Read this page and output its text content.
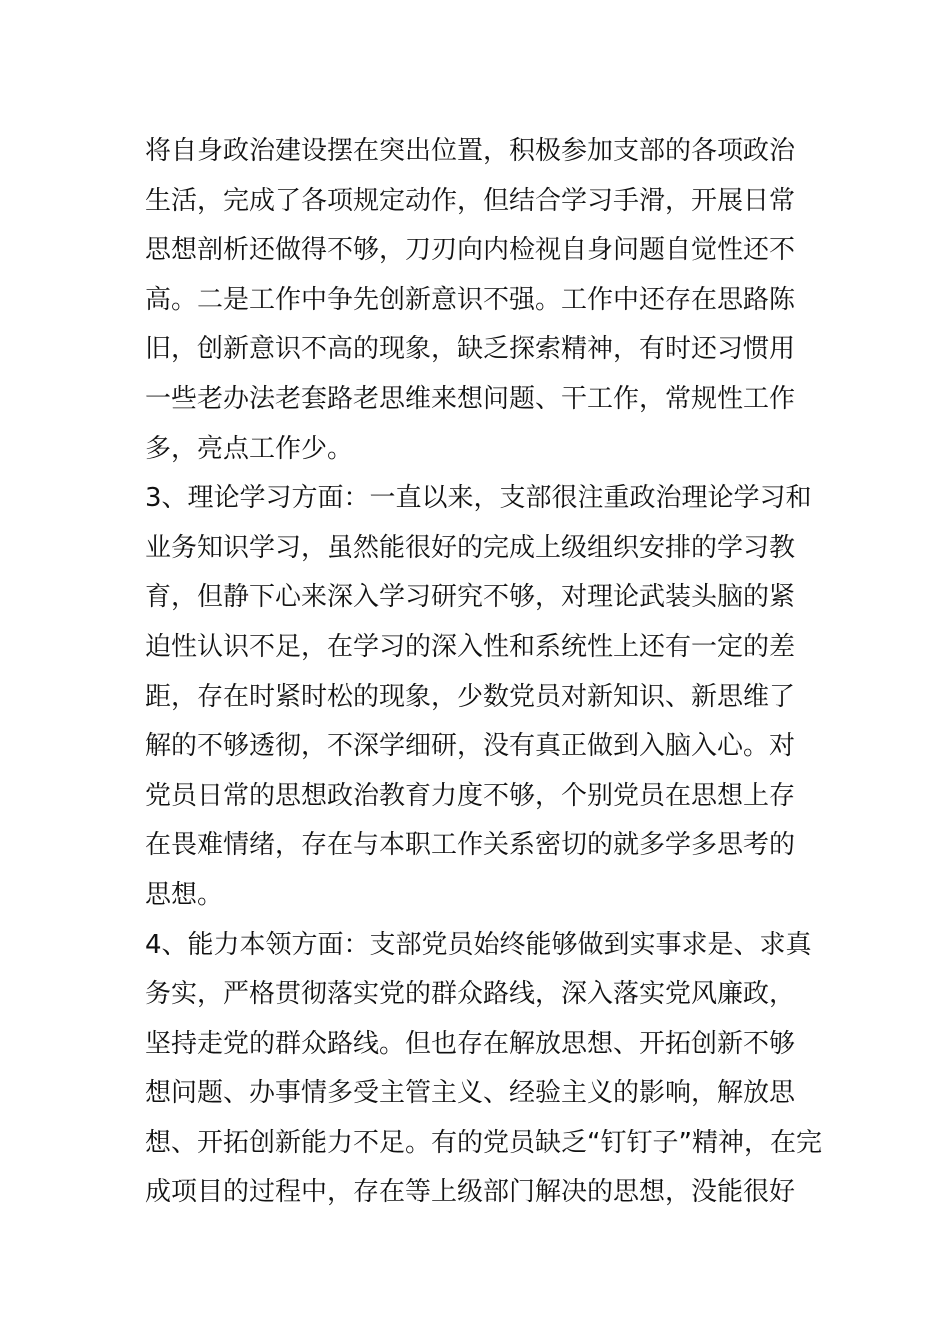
将自身政治建设摆在突出位置，积极参加支部的各项政治
生活，完成了各项规定动作，但结合学习手滑，开展日常
思想剖析还做得不够，刀刃向内检视自身问题自觉性还不
高。二是工作中争先创新意识不强。工作中还存在思路陈
旧，创新意识不高的现象，缺乏探索精神，有时还习惯用
一些老办法老套路老思维来想问题、干工作，常规性工作
多，亮点工作少。
3、理论学习方面：一直以来，支部很注重政治理论学习和
业务知识学习，虽然能很好的完成上级组织安排的学习教
育，但静下心来深入学习研究不够，对理论武装头脑的紧
迫性认识不足，在学习的深入性和系统性上还有一定的差
距，存在时紧时松的现象，少数党员对新知识、新思维了
解的不够透彻，不深学细研，没有真正做到入脑入心。对
党员日常的思想政治教育力度不够，个别党员在思想上存
在畏难情绪，存在与本职工作关系密切的就多学多思考的
思想。
4、能力本领方面：支部党员始终能够做到实事求是、求真
务实，严格贯彻落实党的群众路线，深入落实党风廉政，
坚持走党的群众路线。但也存在解放思想、开拓创新不够
想问题、办事情多受主管主义、经验主义的影响，解放思
想、开拓创新能力不足。有的党员缺乏“钉钉子”精神，在完
成项目的过程中，存在等上级部门解决的思想，没能很好
